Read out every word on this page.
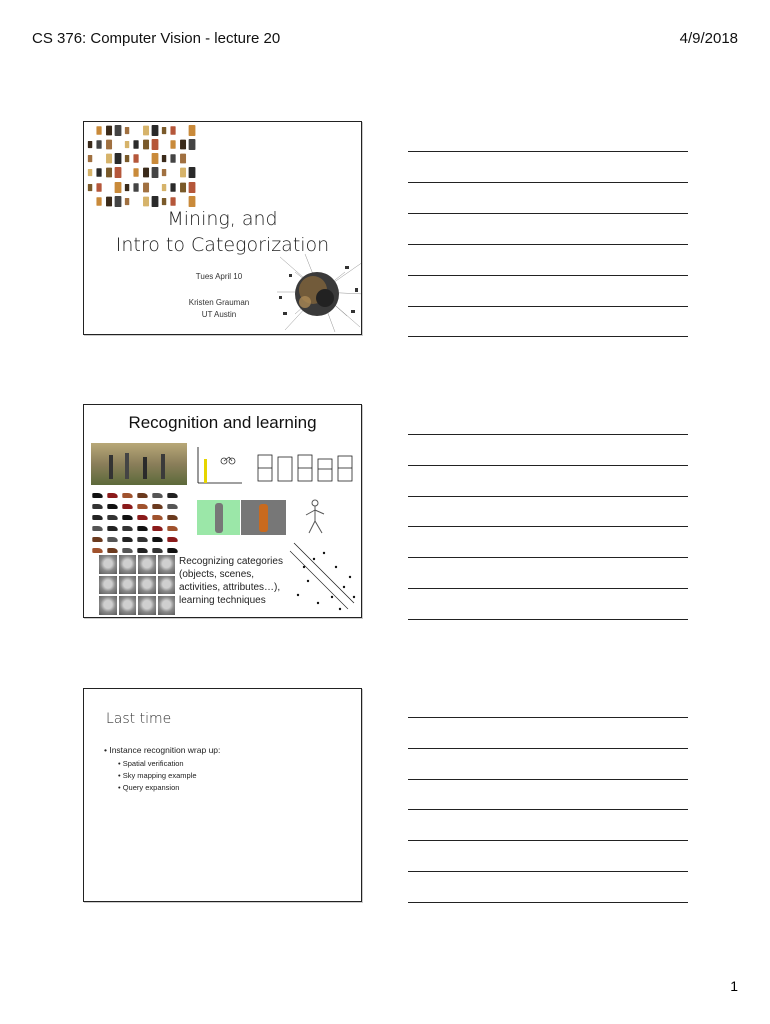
CS 376: Computer Vision - lecture 20	4/9/2018
Mining, and
Intro to Categorization
Tues April 10
Kristen Grauman
UT Austin
Recognition and learning
Recognizing categories
(objects, scenes,
activities, attributes…),
learning techniques
Last time
• Instance recognition wrap up:
• Spatial verification
• Sky mapping example
• Query expansion
1
